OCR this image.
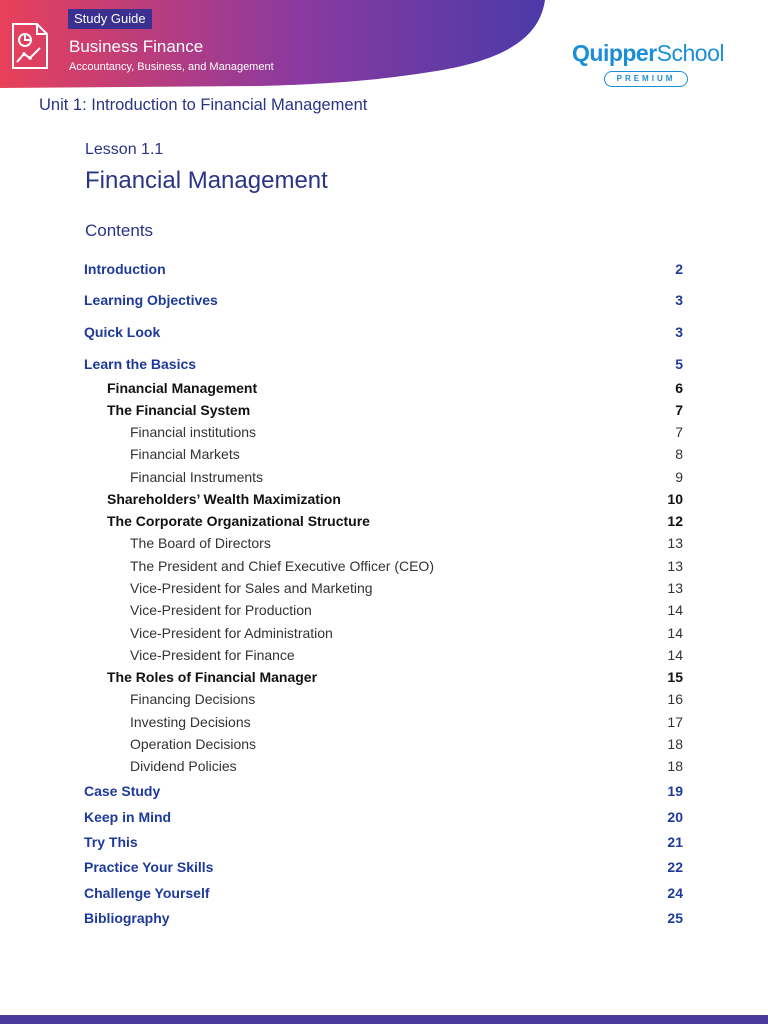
Study Guide
Business Finance
Accountancy, Business, and Management
QuipperSchool
PREMIUM
Unit 1: Introduction to Financial Management
Lesson 1.1
Financial Management
Contents
Introduction	2
Learning Objectives	3
Quick Look	3
Learn the Basics	5
Financial Management	6
The Financial System	7
Financial institutions	7
Financial Markets	8
Financial Instruments	9
Shareholders’ Wealth Maximization	10
The Corporate Organizational Structure	12
The Board of Directors	13
The President and Chief Executive Officer (CEO)	13
Vice-President for Sales and Marketing	13
Vice-President for Production	14
Vice-President for Administration	14
Vice-President for Finance	14
The Roles of Financial Manager	15
Financing Decisions	16
Investing Decisions	17
Operation Decisions	18
Dividend Policies	18
Case Study	19
Keep in Mind	20
Try This	21
Practice Your Skills	22
Challenge Yourself	24
Bibliography	25
